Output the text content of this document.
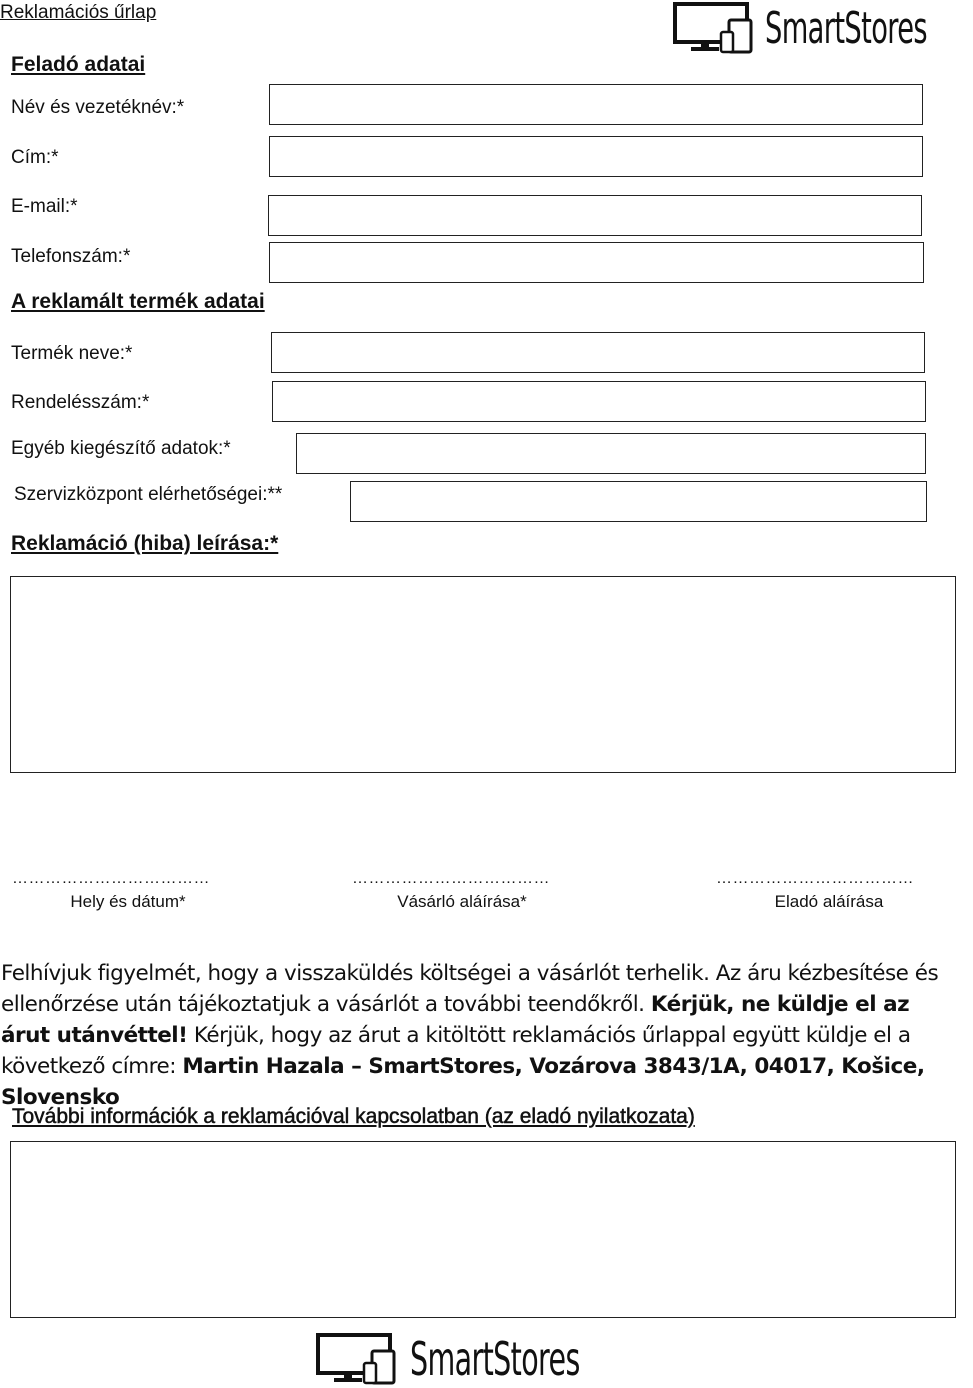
Reklamációs űrlap	SmartStores
Feladó adatai
Név és vezetéknév:*
Cím:*
E-mail:*
Telefonszám:*
A reklamált termék adatai
Termék neve:*
Rendelésszám:*
Egyéb kiegészítő adatok:*
Szervizközpont elérhetőségei:**
Reklamáció (hiba) leírása:*
………………………………
Hely és dátum*
………………………………
Vásárló aláírása*
………………………………
Eladó aláírása
Felhívjuk figyelmét, hogy a visszaküldés költségei a vásárlót terhelik. Az áru kézbesítése és ellenőrzése után tájékoztatjuk a vásárlót a további teendőkről. Kérjük, ne küldje el az árut utánvéttel! Kérjük, hogy az árut a kitöltött reklamációs űrlappal együtt küldje el a következő címre: Martin Hazala – SmartStores, Vozárova 3843/1A, 04017, Košice, Slovensko
További információk a reklamációval kapcsolatban (az eladó nyilatkozata)
SmartStores
